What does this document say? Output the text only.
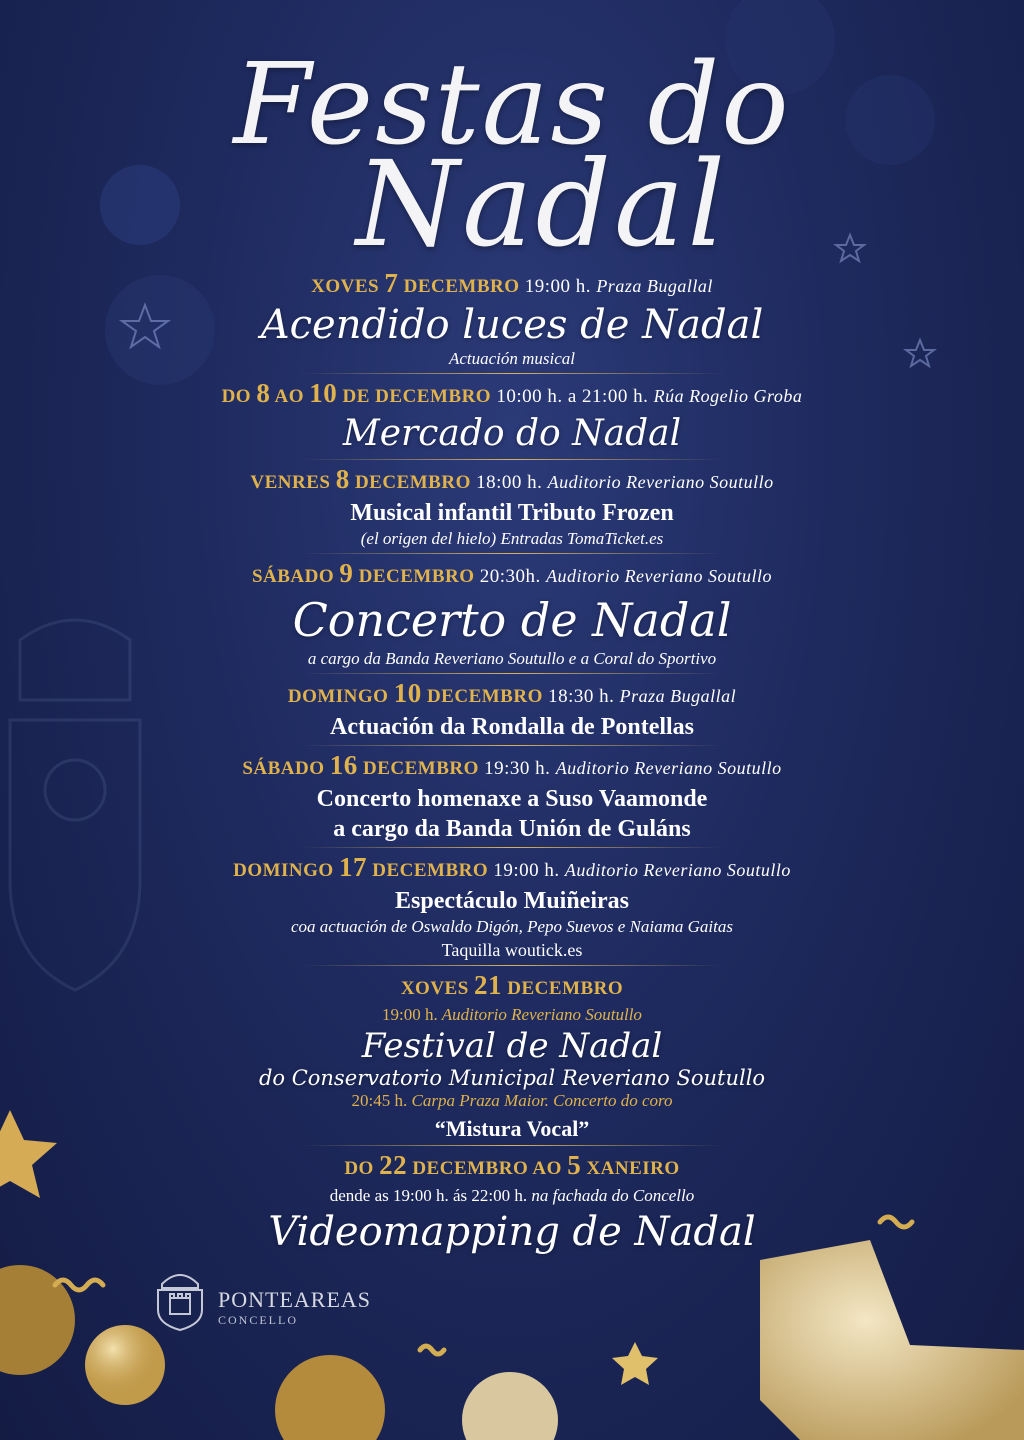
Festas do
Nadal
XOVES 7 DECEMBRO 19:00 h. Praza Bugallal
Acendido luces de Nadal
Actuación musical
DO 8 AO 10 DE DECEMBRO 10:00 h. a 21:00 h. Rúa Rogelio Groba
Mercado do Nadal
VENRES 8 DECEMBRO 18:00 h. Auditorio Reveriano Soutullo
Musical infantil Tributo Frozen
(el origen del hielo) Entradas TomaTicket.es
SÁBADO 9 DECEMBRO 20:30h. Auditorio Reveriano Soutullo
Concerto de Nadal
a cargo da Banda Reveriano Soutullo e a Coral do Sportivo
DOMINGO 10 DECEMBRO 18:30 h. Praza Bugallal
Actuación da Rondalla de Pontellas
SÁBADO 16 DECEMBRO 19:30 h. Auditorio Reveriano Soutullo
Concerto homenaxe a Suso Vaamonde
a cargo da Banda Unión de Guláns
DOMINGO 17 DECEMBRO 19:00 h. Auditorio Reveriano Soutullo
Espectáculo Muiñeiras
coa actuación de Oswaldo Digón, Pepo Suevos e Naiama Gaitas
Taquilla woutick.es
XOVES 21 DECEMBRO
19:00 h. Auditorio Reveriano Soutullo
Festival de Nadal
do Conservatorio Municipal Reveriano Soutullo
20:45 h. Carpa Praza Maior. Concerto do coro
“Mistura Vocal”
DO 22 DECEMBRO AO 5 XANEIRO
dende as 19:00 h. ás 22:00 h. na fachada do Concello
Videomapping de Nadal
PONTEAREAS
CONCELLO
